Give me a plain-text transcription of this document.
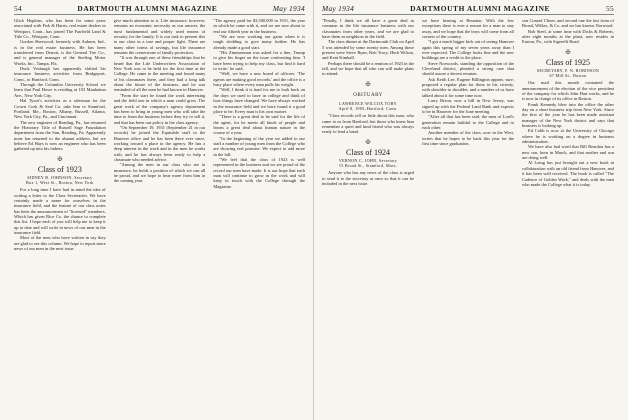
54	DARTMOUTH ALUMNI MAGAZINE	May 1934

Glick Hopkins, who has been for some years associated with Fisk & Harris, real estate dealers in Westport, Conn., has joined The Fairfield Land & Title Co., Westport, Conn.

Gordon Sherwood, formerly with Auburn, Ind., is in the real estate business. He has been transferred from Detroit, is the General Tire Co., and is general manager of the Sterling Motor Works, Inc., Tampa, Fla.

Duck Vosburgh has apparently shifted his insurance business activities from Bridgeport, Conn., to Hartford, Conn.

Through the Columbia University School we learn that Paul Howe is residing at 103 Manhattan Ave., New York City.

Hal Tysoe's activities as a salesman for the Crown Cork & Seal Co. take him to Stamford, Portland, Me., Boston, Albany, Russell, Atlanta, New York City, Pa., and Cincinnati.

The new engineer of Reading, Pa., has returned the Honorary Title of Russell Sage Foundation department from the Sun, Reading, Pa. Apparently none has returned to the alumni address, but we believe Ed Hays is now an engineer who has been gathered up into his fathers.

✠
Class of 1923
SIDNEY B. JOHNSON, Secretary
Box 1, West St., Boston, New York

For a long time I have had in mind the idea of writing a letter to the Class Secretaries. We have certainly made a name for ourselves in the insurance field, and the feature of our class notes has been the announcement of "licensed" members. Which has given Rice Co. the chance to complete this list. I hope each of you will help me to keep it up to date and will write in news of our men in the insurance field.

Most of the men who have written in say they are glad to see this column. We hope to report more news of our men in the next issue.

give much attention to it. Life insurance, however, remains an economic necessity as our answer, the most fundamental and widely used means of security for the family. It is our task to present this to our class in a true and proper light. There are many other forms of savings, but life insurance remains the cornerstone of family protection.

"It was through one of these friendships that he heard that the Life Underwriters Association of New York was to be held for the first time at the College. He came to the meeting and found many of his classmates there, and they had a long talk about the future of the business, and he was reminded of all the men he had known in Hanover.

"From the start he found the work interesting and the field one in which a man could grow. The great work of the company's agency department has been to bring in young men who will take the time to learn the business before they try to sell it, and that has been our policy in the class agency.

"On September 19, 1931 (September 21 in our records) he joined the Equitable staff in the Hanover office and he has been there ever since, working toward a place in the agency. He has a deep interest in the work and in the men he works with, and he has always been ready to help a classmate who needed advice.

"Among the men in our class who are in insurance, he holds a position of which we can all be proud, and we hope to hear more from him in the coming year.

"The agency paid for $3,500,000 in 1931, the year in which he came with it, and we are now about to end our fiftieth year in the business.

"We are now working our gains when it is tough sledding to give many further. He has already made a good start.

"His Zimmerman was asked for a line, Trump to give his finger on the issue confronting him. 'I have been trying to help my class, but find it hard to write,' he said.

"Well, we have a new board of officers: 'The agents are making good records,' and the office is a busy place where every man pulls his weight.

"Well, I think it is hard for me to look back on the days we used to have in college and think of how things have changed. We have always worked in the insurance field and we have found it a good place to be. Every man is his own master.

"There is a great deal to be said for the life of the agent, for he meets all kinds of people and learns a great deal about human nature in the course of a year.

"In the beginning of the year we added to our staff a number of young men from the College who are showing real promise. We expect to add more in the fall.

"We feel that the class of 1923 is well represented in the business and we are proud of the record our men have made. It is our hope that each man will continue to grow in the work and will keep in touch with the College through the Magazine.

May 1934	DARTMOUTH ALUMNI MAGAZINE	55

"Finally, I think we all have a great deal in common in the life insurance business with our classmates from other years, and we are glad to have them as neighbors in the field.

The class dinner at the Dartmouth Club on April 5 was attended by some twenty men. Among those present were Steve Ryan, Bob Tracy, Herb Wilson, and Kent Kimball.

Perhaps there should be a reunion of 1923 in the fall, and we hope that all who can will make plans to attend.

✠
OBITUARY
LAWRENCE WILCOX TOBY
April 8, 1905–Hartford, Conn.

"Class records tell us little about this man, who came to us from Hartford, but those who knew him remember a quiet and kind friend who was always ready to lend a hand.

✠
Class of 1924
VERNON C. JOHN, Secretary
15 Broad St., Stamford, Mass.

Anyone who has any news of the class is urged to send it to the secretary at once so that it can be included in the next issue.

we have hearing at Reunion. With the few exceptions there is ever a reason for a man to stay away, and we hope that the boys will come from all corners of the country.

"I got a much bigger kick out of seeing Hanover again this spring of my seven years away than I ever expected. The College looks fine and the new buildings are a credit to the place.

Steve Norwoods, standing the opposition of the Cleveland district, pleaded a strong case that should assure a decent reunion.

Ask Keith Lee, Eugene Billington appear, sure; proposed a regular plan for those in his vicinity, with shoulder to shoulder, and a number of us have talked about it for some time now.

Larry Bixon, now a bill in New Jersey, was signed up with the Federal Land Bank and expects to be in Hanover for the June meeting.

"After all that has been said, the men of Lord's generation remain faithful to the College and to each other.

Another member of the class, now in the West, writes that he hopes to be back this year for the first time since graduation.

son Conrad Cliner, and second one the last from of Broad, Wilkes, & Co. and we has known Norwood.

Bob Steel, at some time with Dicks & Roberts, after eight months at the plant, now resides in Easton, Pa., with Sigerelli Road.

✠
Class of 1925
SECRETARY, F. N. ROBINSON
67 Mill St., Boston

Our mail this month contained the announcement of the election of the vice president of the company for which John Hart works, and he is now in charge of its office in Boston.

Frank Kennedy blew into the office the other day on a short business trip from New York. Since the first of the year he has been made assistant manager of the New York district and says that business is looking up.

Ed Cobb is now at the University of Chicago where he is working on a degree in business administration.

We have also had word that Bill Reardon has a new son, born in March, and that mother and son are doing well.

Al Loing has just brought out a new book in collaboration with an old friend from Hanover, and it has been well received. The book is called "The Cadence of Golden Work," and deals with the men who made the College what it is today.
